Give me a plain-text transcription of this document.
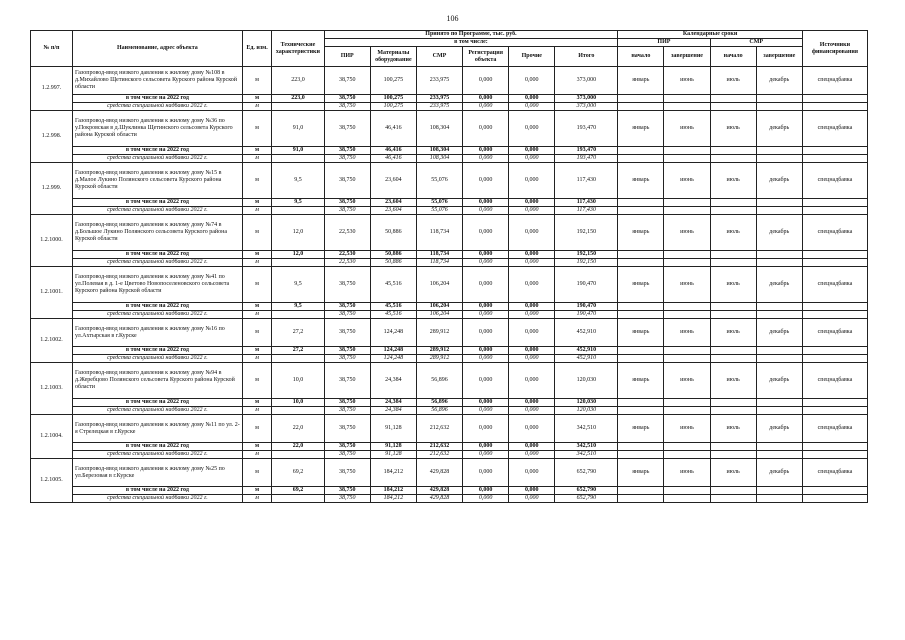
106
№ п/п	Наименование, адрес объекта	Ед. изм.	Технические характеристики	Принято по Программе, тыс. руб.						Календарные сроки				Источники финансирования
				в том числе:						ПИР		СМР		
				ПИР	Материалы оборудование	СМР	Регистрация объекта	Прочие	Итого	начало	завершение	начало	завершение	
1.2.997.	Газопровод-ввод низкого давления к жилому дому №108 в д.Михайлово Щетинского сельсовета Курского района Курской области	м	223,0	38,750	100,275	233,975	0,000	0,000	373,000	январь	июнь	июль	декабрь	спецнадбавка
	в том числе на 2022 год	м	223,0	38,750	100,275	233,975	0,000	0,000	373,000					
	средства специальной надбавки 2022 г.	м		38,750	100,275	233,975	0,000	0,000	373,000					
1.2.998.	Газопровод-ввод низкого давления к жилому дому №36 по у.Покровская в д.Шуклинка Щетинского сельсовета Курского района Курской области	м	91,0	38,750	46,416	108,304	0,000	0,000	193,470	январь	июнь	июль	декабрь	спецнадбавка
	в том числе на 2022 год	м	91,0	38,750	46,416	108,304	0,000	0,000	193,470					
	средства специальной надбавки 2022 г.	м		38,750	46,416	108,304	0,000	0,000	193,470					
1.2.999.	Газопровод-ввод низкого давления к жилому дому №15 в д.Малое Лукино Полянского сельсовета Курского района Курской области	м	9,5	38,750	23,604	55,076	0,000	0,000	117,430	январь	июнь	июль	декабрь	спецнадбавка
	в том числе на 2022 год	м	9,5	38,750	23,604	55,076	0,000	0,000	117,430					
	средства специальной надбавки 2022 г.	м		38,750	23,604	55,076	0,000	0,000	117,430					
1.2.1000.	Газопровод-ввод низкого давления к жилому дому №74 в д.Большое Лукино Полянского сельсовета Курского района Курской области	м	12,0	22,530	50,886	118,734	0,000	0,000	192,150	январь	июнь	июль	декабрь	спецнадбавка
	в том числе на 2022 год	м	12,0	22,530	50,886	118,734	0,000	0,000	192,150					
	средства специальной надбавки 2022 г.	м		22,530	50,886	118,734	0,000	0,000	192,150					
1.2.1001.	Газопровод-ввод низкого давления к жилому дому №41 по ул.Полевая в д. 1-е Цветово Новопоселеновского сельсовета Курского района Курской области	м	9,5	38,750	45,516	106,204	0,000	0,000	190,470	январь	июнь	июль	декабрь	спецнадбавка
	в том числе на 2022 год	м	9,5	38,750	45,516	106,204	0,000	0,000	190,470					
	средства специальной надбавки 2022 г.	м		38,750	45,516	106,204	0,000	0,000	190,470					
1.2.1002.	Газопровод-ввод низкого давления к жилому дому №16 по ул.Ахтырская в г.Курске	м	27,2	38,750	124,248	289,912	0,000	0,000	452,910	январь	июнь	июль	декабрь	спецнадбавка
	в том числе на 2022 год	м	27,2	38,750	124,248	289,912	0,000	0,000	452,910					
	средства специальной надбавки 2022 г.	м		38,750	124,248	289,912	0,000	0,000	452,910					
1.2.1003.	Газопровод-ввод низкого давления к жилому дому №94 в д.Жеребцово Полянского сельсовета Курского района Курской области	м	10,0	38,750	24,384	56,896	0,000	0,000	120,030	январь	июнь	июль	декабрь	спецнадбавка
	в том числе на 2022 год	м	10,0	38,750	24,384	56,896	0,000	0,000	120,030					
	средства специальной надбавки 2022 г.	м		38,750	24,384	56,896	0,000	0,000	120,030					
1.2.1004.	Газопровод-ввод низкого давления к жилому дому №11 по ул. 2-я Стрелецкая в г.Курске	м	22,0	38,750	91,128	212,632	0,000	0,000	342,510	январь	июнь	июль	декабрь	спецнадбавка
	в том числе на 2022 год	м	22,0	38,750	91,128	212,632	0,000	0,000	342,510					
	средства специальной надбавки 2022 г.	м		38,750	91,128	212,632	0,000	0,000	342,510					
1.2.1005.	Газопровод-ввод низкого давления к жилому дому №25 по ул.Березовая в г.Курске	м	69,2	38,750	184,212	429,828	0,000	0,000	652,790	январь	июнь	июль	декабрь	спецнадбавка
	в том числе на 2022 год	м	69,2	38,750	184,212	429,828	0,000	0,000	652,790					
	средства специальной надбавки 2022 г.	м		38,750	184,212	429,828	0,000	0,000	652,790					
